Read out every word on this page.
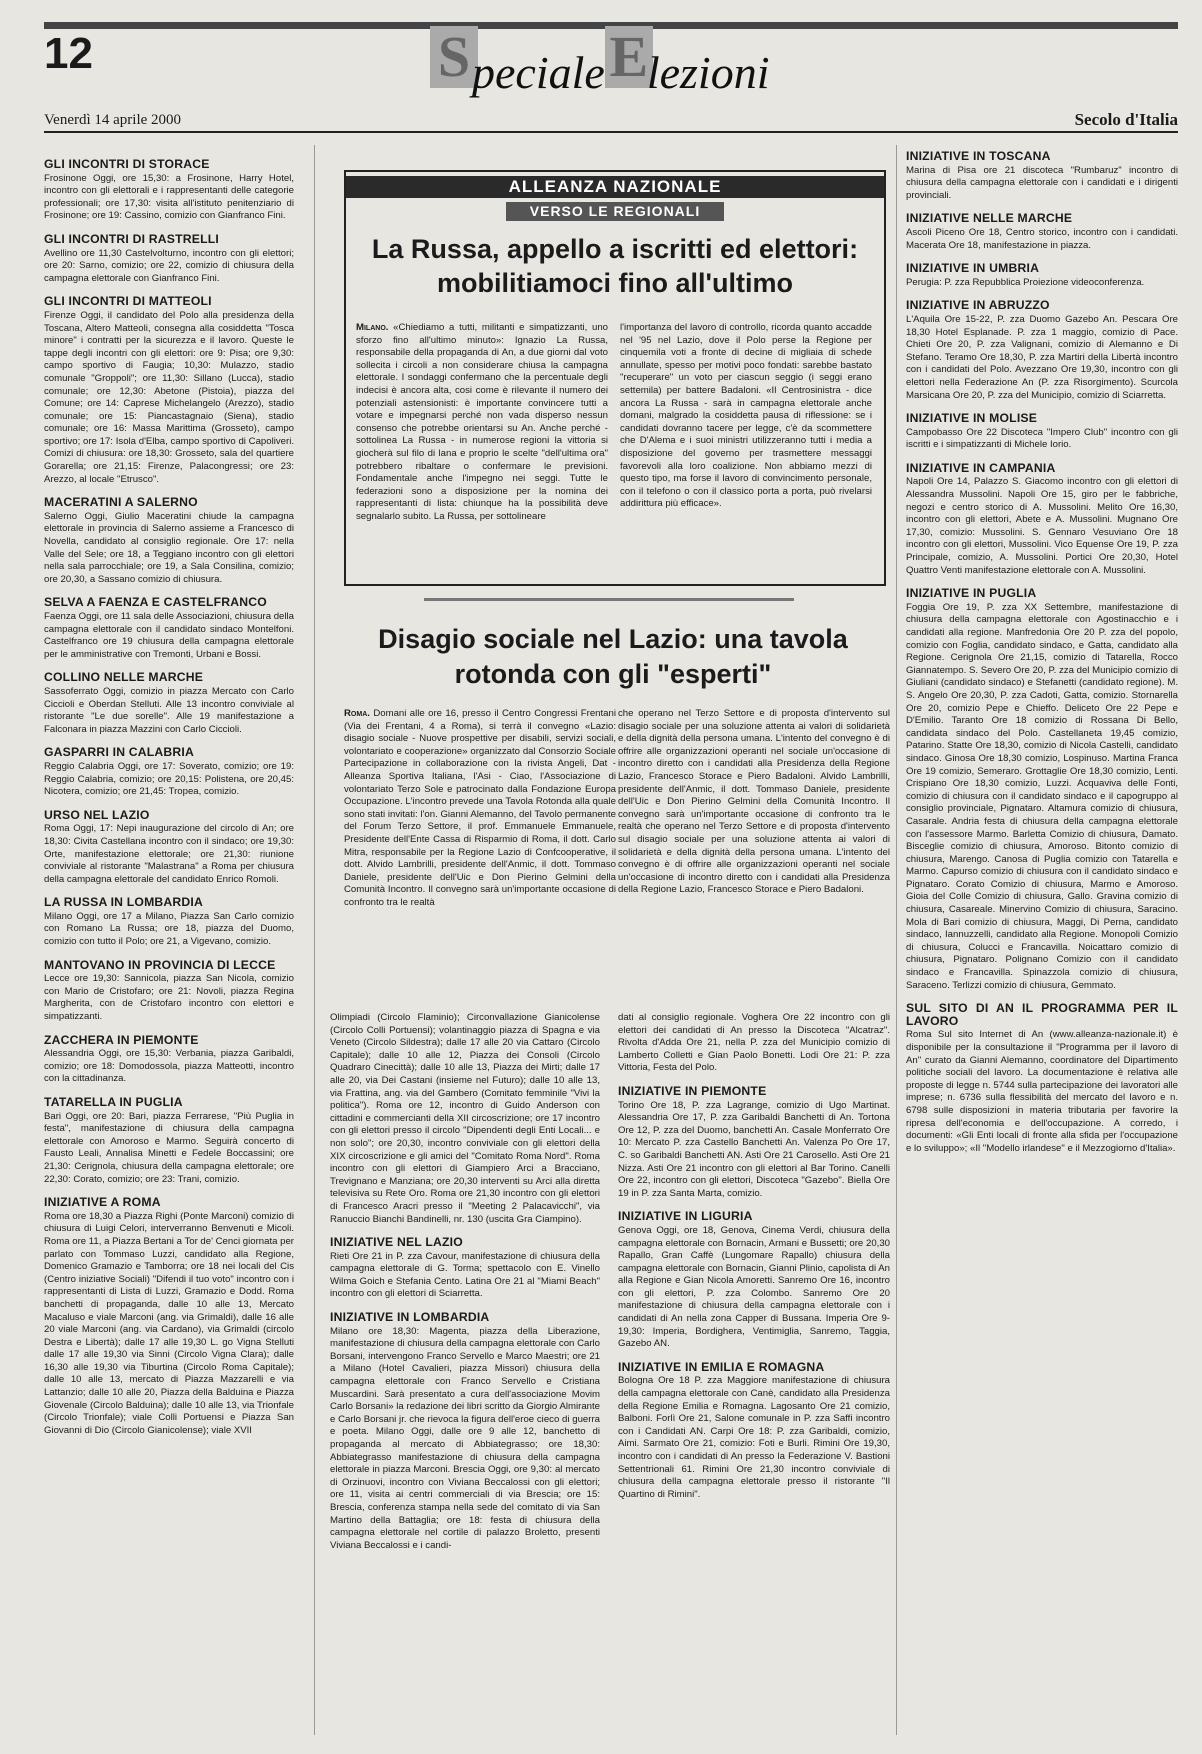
12	SpecialeElezioni
Venerdì 14 aprile 2000	Secolo d'Italia
GLI INCONTRI DI STORACE

Frosinone Oggi, ore 15,30: a Frosinone, Harry Hotel, incontro con gli elettorali e i rappresentanti delle categorie professionali; ore 17,30: visita all'istituto penitenziario di Frosinone; ore 19: Cassino, comizio con Gianfranco Fini.

GLI INCONTRI DI RASTRELLI

Avellino ore 11,30 Castelvolturno, incontro con gli elettori; ore 20: Sarno, comizio; ore 22, comizio di chiusura della campagna elettorale con Gianfranco Fini.

GLI INCONTRI DI MATTEOLI

Firenze Oggi, il candidato del Polo alla presidenza della Toscana, Altero Matteoli, consegna alla cosiddetta "Tosca minore" i contratti per la sicurezza e il lavoro. Queste le tappe degli incontri con gli elettori: ore 9: Pisa; ore 9,30: campo sportivo di Faugia; 10,30: Mulazzo, stadio comunale "Groppoli"; ore 11,30: Sillano (Lucca), stadio comunale; ore 12,30: Abetone (Pistoia), piazza del Comune; ore 14: Caprese Michelangelo (Arezzo), stadio comunale; ore 15: Piancastagnaio (Siena), stadio comunale; ore 16: Massa Marittima (Grosseto), campo sportivo; ore 17: Isola d'Elba, campo sportivo di Capoliveri. Comizi di chiusura: ore 18,30: Grosseto, sala del quartiere Gorarella; ore 21,15: Firenze, Palacongressi; ore 23: Arezzo, al locale "Etrusco".

MACERATINI A SALERNO

Salerno Oggi, Giulio Maceratini chiude la campagna elettorale in provincia di Salerno assieme a Francesco di Novella, candidato al consiglio regionale. Ore 17: nella Valle del Sele; ore 18, a Teggiano incontro con gli elettori nella sala parrocchiale; ore 19, a Sala Consilina, comizio; ore 20,30, a Sassano comizio di chiusura.

SELVA A FAENZA E CASTELFRANCO

Faenza Oggi, ore 11 sala delle Associazioni, chiusura della campagna elettorale con il candidato sindaco Montelfoni. Castelfranco ore 19 chiusura della campagna elettorale per le amministrative con Tremonti, Urbani e Bossi.

COLLINO NELLE MARCHE

Sassoferrato Oggi, comizio in piazza Mercato con Carlo Ciccioli e Oberdan Stelluti. Alle 13 incontro conviviale al ristorante "Le due sorelle". Alle 19 manifestazione a Falconara in piazza Mazzini con Carlo Ciccioli.

GASPARRI IN CALABRIA

Reggio Calabria Oggi, ore 17: Soverato, comizio; ore 19: Reggio Calabria, comizio; ore 20,15: Polistena, ore 20,45: Nicotera, comizio; ore 21,45: Tropea, comizio.

URSO NEL LAZIO

Roma Oggi, 17: Nepi inaugurazione del circolo di An; ore 18,30: Civita Castellana incontro con il sindaco; ore 19,30: Orte, manifestazione elettorale; ore 21,30: riunione conviviale al ristorante "Malastrana" a Roma per chiusura della campagna elettorale del candidato Enrico Romoli.

LA RUSSA IN LOMBARDIA

Milano Oggi, ore 17 a Milano, Piazza San Carlo comizio con Romano La Russa; ore 18, piazza del Duomo, comizio con tutto il Polo; ore 21, a Vigevano, comizio.

MANTOVANO IN PROVINCIA DI LECCE

Lecce ore 19,30: Sannicola, piazza San Nicola, comizio con Mario de Cristofaro; ore 21: Novoli, piazza Regina Margherita, con de Cristofaro incontro con elettori e simpatizzanti.

ZACCHERA IN PIEMONTE

Alessandria Oggi, ore 15,30: Verbania, piazza Garibaldi, comizio; ore 18: Domodossola, piazza Matteotti, incontro con la cittadinanza.

TATARELLA IN PUGLIA

Bari Oggi, ore 20: Bari, piazza Ferrarese, "Più Puglia in festa", manifestazione di chiusura della campagna elettorale con Amoroso e Marmo. Seguirà concerto di Fausto Leali, Annalisa Minetti e Fedele Boccassini; ore 21,30: Cerignola, chiusura della campagna elettorale; ore 22,30: Corato, comizio; ore 23: Trani, comizio.

INIZIATIVE A ROMA

Roma ore 18,30 a Piazza Righi (Ponte Marconi) comizio di chiusura di Luigi Celori, interverranno Benvenuti e Micoli. Roma ore 11, a Piazza Bertani a Tor de' Cenci giornata per parlato con Tommaso Luzzi, candidato alla Regione, Domenico Gramazio e Tamborra; ore 18 nei locali del Cis (Centro iniziative Sociali) "Difendi il tuo voto" incontro con i rappresentanti di Lista di Luzzi, Gramazio e Dodd. Roma banchetti di propaganda, dalle 10 alle 13, Mercato Macaluso e viale Marconi (ang. via Grimaldi), dalle 16 alle 20 viale Marconi (ang. via Cardano), via Grimaldi (circolo Destra e Libertà); dalle 17 alle 19,30 L. go Vigna Stelluti dalle 17 alle 19,30 via Sinni (Circolo Vigna Clara); dalle 16,30 alle 19,30 via Tiburtina (Circolo Roma Capitale); dalle 10 alle 13, mercato di Piazza Mazzarelli e via Lattanzio; dalle 10 alle 20, Piazza della Balduina e Piazza Giovenale (Circolo Balduina); dalle 10 alle 13, via Trionfale (Circolo Trionfale); viale Colli Portuensi e Piazza San Giovanni di Dio (Circolo Gianicolense); viale XVII

ALLEANZA NAZIONALE
VERSO LE REGIONALI
La Russa, appello a iscritti ed elettori: mobilitiamoci fino all'ultimo
Milano. «Chiediamo a tutti, militanti e simpatizzanti, uno sforzo fino all'ultimo minuto»: Ignazio La Russa, responsabile della propaganda di An, a due giorni dal voto sollecita i circoli a non considerare chiusa la campagna elettorale. I sondaggi confermano che la percentuale degli indecisi è ancora alta, cosi come è rilevante il numero dei potenziali astensionisti: è importante convincere tutti a votare e impegnarsi perché non vada disperso nessun consenso che potrebbe orientarsi su An. Anche perché - sottolinea La Russa - in numerose regioni la vittoria si giocherà sul filo di lana e proprio le scelte "dell'ultima ora" potrebbero ribaltare o confermare le previsioni. Fondamentale anche l'impegno nei seggi. Tutte le federazioni sono a disposizione per la nomina dei rappresentanti di lista: chiunque ha la possibilità deve segnalarlo subito. La Russa, per sottolineare
l'importanza del lavoro di controllo, ricorda quanto accadde nel '95 nel Lazio, dove il Polo perse la Regione per cinquemila voti a fronte di decine di migliaia di schede annullate, spesso per motivi poco fondati: sarebbe bastato "recuperare" un voto per ciascun seggio (i seggi erano settemila) per battere Badaloni. «Il Centrosinistra - dice ancora La Russa - sarà in campagna elettorale anche domani, malgrado la cosiddetta pausa di riflessione: se i candidati dovranno tacere per legge, c'è da scommettere che D'Alema e i suoi ministri utilizzeranno tutti i media a disposizione del governo per trasmettere messaggi favorevoli alla loro coalizione. Non abbiamo mezzi di questo tipo, ma forse il lavoro di convincimento personale, con il telefono o con il classico porta a porta, può rivelarsi addirittura più efficace».
Disagio sociale nel Lazio: una tavola rotonda con gli "esperti"
Roma. Domani alle ore 16, presso il Centro Congressi Frentani (Via dei Frentani, 4 a Roma), si terrà il convegno «Lazio: disagio sociale - Nuove prospettive per disabili, servizi sociali, volontariato e cooperazione» organizzato dal Consorzio Sociale Partecipazione in collaborazione con la rivista Angeli, Dat - Alleanza Sportiva Italiana, l'Asi - Ciao, l'Associazione di volontariato Terzo Sole e patrocinato dalla Fondazione Europa Occupazione. L'incontro prevede una Tavola Rotonda alla quale sono stati invitati: l'on. Gianni Alemanno, del Tavolo permanente del Forum Terzo Settore, il prof. Emmanuele Emmanuele, Presidente dell'Ente Cassa di Risparmio di Roma, il dott. Carlo Mitra, responsabile per la Regione Lazio di Confcooperative, il dott. Alvido Lambrilli, presidente dell'Anmic, il dott. Tommaso Daniele, presidente dell'Uic e Don Pierino Gelmini della Comunità Incontro. Il convegno sarà un'importante occasione di confronto tra le realtà
che operano nel Terzo Settore e di proposta d'intervento sul disagio sociale per una soluzione attenta ai valori di solidarietà e della dignità della persona umana. L'intento del convegno è di offrire alle organizzazioni operanti nel sociale un'occasione di incontro diretto con i candidati alla Presidenza della Regione Lazio, Francesco Storace e Piero Badaloni. Alvido Lambrilli, presidente dell'Anmic, il dott. Tommaso Daniele, presidente dell'Uic e Don Pierino Gelmini della Comunità Incontro. Il convegno sarà un'importante occasione di confronto tra le realtà che operano nel Terzo Settore e di proposta d'intervento sul disagio sociale per una soluzione attenta ai valori di solidarietà e della dignità della persona umana. L'intento del convegno è di offrire alle organizzazioni operanti nel sociale un'occasione di incontro diretto con i candidati alla Presidenza della Regione Lazio, Francesco Storace e Piero Badaloni.

Olimpiadi (Circolo Flaminio); Circonvallazione Gianicolense (Circolo Colli Portuensi); volantinaggio piazza di Spagna e via Veneto (Circolo Sildestra); dalle 17 alle 20 via Cattaro (Circolo Capitale); dalle 10 alle 12, Piazza dei Consoli (Circolo Quadraro Cinecittà); dalle 10 alle 13, Piazza dei Mirti; dalle 17 alle 20, via Dei Castani (insieme nel Futuro); dalle 10 alle 13, via Frattina, ang. via del Gambero (Comitato femminile "Vivi la politica"). Roma ore 12, incontro di Guido Anderson con cittadini e commercianti della XII circoscrizione; ore 17 incontro con gli elettori presso il circolo "Dipendenti degli Enti Locali... e non solo"; ore 20,30, incontro conviviale con gli elettori della XIX circoscrizione e gli amici del "Comitato Roma Nord". Roma incontro con gli elettori di Giampiero Arci a Bracciano, Trevignano e Manziana; ore 20,30 interventi su Arci alla diretta televisiva su Rete Oro. Roma ore 21,30 incontro con gli elettori di Francesco Aracri presso il "Meeting 2 Palacavicchi", via Ranuccio Bianchi Bandinelli, nr. 130 (uscita Gra Ciampino).

INIZIATIVE NEL LAZIO

Rieti Ore 21 in P. zza Cavour, manifestazione di chiusura della campagna elettorale di G. Torma; spettacolo con E. Vinello Wilma Goich e Stefania Cento. Latina Ore 21 al "Miami Beach" incontro con gli elettori di Sciarretta.

INIZIATIVE IN LOMBARDIA

Milano ore 18,30: Magenta, piazza della Liberazione, manifestazione di chiusura della campagna elettorale con Carlo Borsani, intervengono Franco Servello e Marco Maestri; ore 21 a Milano (Hotel Cavalieri, piazza Missori) chiusura della campagna elettorale con Franco Servello e Cristiana Muscardini. Sarà presentato a cura dell'associazione Movim Carlo Borsani» la redazione dei libri scritto da Giorgio Almirante e Carlo Borsani jr. che rievoca la figura dell'eroe cieco di guerra e poeta. Milano Oggi, dalle ore 9 alle 12, banchetto di propaganda al mercato di Abbiategrasso; ore 18,30: Abbiategrasso manifestazione di chiusura della campagna elettorale in piazza Marconi. Brescia Oggi, ore 9,30: al mercato di Orzinuovi, incontro con Viviana Beccalossi con gli elettori; ore 11, visita ai centri commerciali di via Brescia; ore 15: Brescia, conferenza stampa nella sede del comitato di via San Martino della Battaglia; ore 18: festa di chiusura della campagna elettorale nel cortile di palazzo Broletto, presenti Viviana Beccalossi e i candi-

dati al consiglio regionale. Voghera Ore 22 incontro con gli elettori dei candidati di An presso la Discoteca "Alcatraz". Rivolta d'Adda Ore 21, nella P. zza del Municipio comizio di Lamberto Colletti e Gian Paolo Bonetti. Lodi Ore 21: P. zza Vittoria, Festa del Polo.

INIZIATIVE IN PIEMONTE

Torino Ore 18, P. zza Lagrange, comizio di Ugo Martinat. Alessandria Ore 17, P. zza Garibaldi Banchetti di An. Tortona Ore 12, P. zza del Duomo, banchetti An. Casale Monferrato Ore 10: Mercato P. zza Castello Banchetti An. Valenza Po Ore 17, C. so Garibaldi Banchetti AN. Asti Ore 21 Carosello. Asti Ore 21 Nizza. Asti Ore 21 incontro con gli elettori al Bar Torino. Canelli Ore 22, incontro con gli elettori, Discoteca "Gazebo". Biella Ore 19 in P. zza Santa Marta, comizio.

INIZIATIVE IN LIGURIA

Genova Oggi, ore 18, Genova, Cinema Verdi, chiusura della campagna elettorale con Bornacin, Armani e Bussetti; ore 20,30 Rapallo, Gran Caffè (Lungomare Rapallo) chiusura della campagna elettorale con Bornacin, Gianni Plinio, capolista di An alla Regione e Gian Nicola Amoretti. Sanremo Ore 16, incontro con gli elettori, P. zza Colombo. Sanremo Ore 20 manifestazione di chiusura della campagna elettorale con i candidati di An nella zona Capper di Bussana. Imperia Ore 9-19,30: Imperia, Bordighera, Ventimiglia, Sanremo, Taggia, Gazebo AN.

INIZIATIVE IN EMILIA E ROMAGNA

Bologna Ore 18 P. zza Maggiore manifestazione di chiusura della campagna elettorale con Canè, candidato alla Presidenza della Regione Emilia e Romagna. Lagosanto Ore 21 comizio, Balboni. Forlì Ore 21, Salone comunale in P. zza Saffi incontro con i Candidati AN. Carpi Ore 18: P. zza Garibaldi, comizio, Aimi. Sarmato Ore 21, comizio: Foti e Burli. Rimini Ore 19,30, incontro con i candidati di An presso la Federazione V. Bastioni Settentrionali 61. Rimini Ore 21,30 incontro conviviale di chiusura della campagna elettorale presso il ristorante "Il Quartino di Rimini".

INIZIATIVE IN TOSCANA

Marina di Pisa ore 21 discoteca "Rumbaruz" incontro di chiusura della campagna elettorale con i candidati e i dirigenti provinciali.

INIZIATIVE NELLE MARCHE

Ascoli Piceno Ore 18, Centro storico, incontro con i candidati. Macerata Ore 18, manifestazione in piazza.

INIZIATIVE IN UMBRIA

Perugia: P. zza Repubblica Proiezione videoconferenza.

INIZIATIVE IN ABRUZZO

L'Aquila Ore 15-22, P. zza Duomo Gazebo An. Pescara Ore 18,30 Hotel Esplanade. P. zza 1 maggio, comizio di Pace. Chieti Ore 20, P. zza Valignani, comizio di Alemanno e Di Stefano. Teramo Ore 18,30, P. zza Martiri della Libertà incontro con i candidati del Polo. Avezzano Ore 19,30, incontro con gli elettori nella Federazione An (P. zza Risorgimento). Scurcola Marsicana Ore 20, P. zza del Municipio, comizio di Sciarretta.

INIZIATIVE IN MOLISE

Campobasso Ore 22 Discoteca "Impero Club" incontro con gli iscritti e i simpatizzanti di Michele Iorio.

INIZIATIVE IN CAMPANIA

Napoli Ore 14, Palazzo S. Giacomo incontro con gli elettori di Alessandra Mussolini. Napoli Ore 15, giro per le fabbriche, negozi e centro storico di A. Mussolini. Melito Ore 16,30, incontro con gli elettori, Abete e A. Mussolini. Mugnano Ore 17,30, comizio: Mussolini. S. Gennaro Vesuviano Ore 18 incontro con gli elettori, Mussolini. Vico Equense Ore 19, P. zza Principale, comizio, A. Mussolini. Portici Ore 20,30, Hotel Quattro Venti manifestazione elettorale con A. Mussolini.

INIZIATIVE IN PUGLIA

Foggia Ore 19, P. zza XX Settembre, manifestazione di chiusura della campagna elettorale con Agostinacchio e i candidati alla regione. Manfredonia Ore 20 P. zza del popolo, comizio con Foglia, candidato sindaco, e Gatta, candidato alla Regione. Cerignola Ore 21,15, comizio di Tatarella, Rocco Giannatempo. S. Severo Ore 20, P. zza del Municipio comizio di Giuliani (candidato sindaco) e Stefanetti (candidato regione). M. S. Angelo Ore 20,30, P. zza Cadoti, Gatta, comizio. Stornarella Ore 20, comizio Pepe e Chieffo. Deliceto Ore 22 Pepe e D'Emilio. Taranto Ore 18 comizio di Rossana Di Bello, candidata sindaco del Polo. Castellaneta 19,45 comizio, Patarino. Statte Ore 18,30, comizio di Nicola Castelli, candidato sindaco. Ginosa Ore 18,30 comizio, Lospinuso. Martina Franca Ore 19 comizio, Semeraro. Grottaglie Ore 18,30 comizio, Lenti. Crispiano Ore 18,30 comizio, Luzzi. Acquaviva delle Fonti, comizio di chiusura con il candidato sindaco e il capogruppo al consiglio provinciale, Pignataro. Altamura comizio di chiusura, Casarale. Andria festa di chiusura della campagna elettorale con l'assessore Marmo. Barletta Comizio di chiusura, Damato. Bisceglie comizio di chiusura, Amoroso. Bitonto comizio di chiusura, Marengo. Canosa di Puglia comizio con Tatarella e Marmo. Capurso comizio di chiusura con il candidato sindaco e Pignataro. Corato Comizio di chiusura, Marmo e Amoroso. Gioia del Colle Comizio di chiusura, Gallo. Gravina comizio di chiusura, Casareale. Minervino Comizio di chiusura, Saracino. Mola di Bari comizio di chiusura, Maggi, Di Perna, candidato sindaco, Iannuzzelli, candidato alla Regione. Monopoli Comizio di chiusura, Colucci e Francavilla. Noicattaro comizio di chiusura, Pignataro. Polignano Comizio con il candidato sindaco e Francavilla. Spinazzola comizio di chiusura, Saraceno. Terlizzi comizio di chiusura, Gemmato.

SUL SITO DI AN IL PROGRAMMA PER IL LAVORO

Roma Sul sito Internet di An (www.alleanza-nazionale.it) è disponibile per la consultazione il "Programma per il lavoro di An" curato da Gianni Alemanno, coordinatore del Dipartimento politiche sociali del lavoro. La documentazione è relativa alle proposte di legge n. 5744 sulla partecipazione dei lavoratori alle imprese; n. 6736 sulla flessibilità del mercato del lavoro e n. 6798 sulle disposizioni in materia tributaria per favorire la ripresa dell'economia e dell'occupazione. A corredo, i documenti: «Gli Enti locali di fronte alla sfida per l'occupazione e lo sviluppo»; «Il "Modello irlandese" e il Mezzogiorno d'Italia».
